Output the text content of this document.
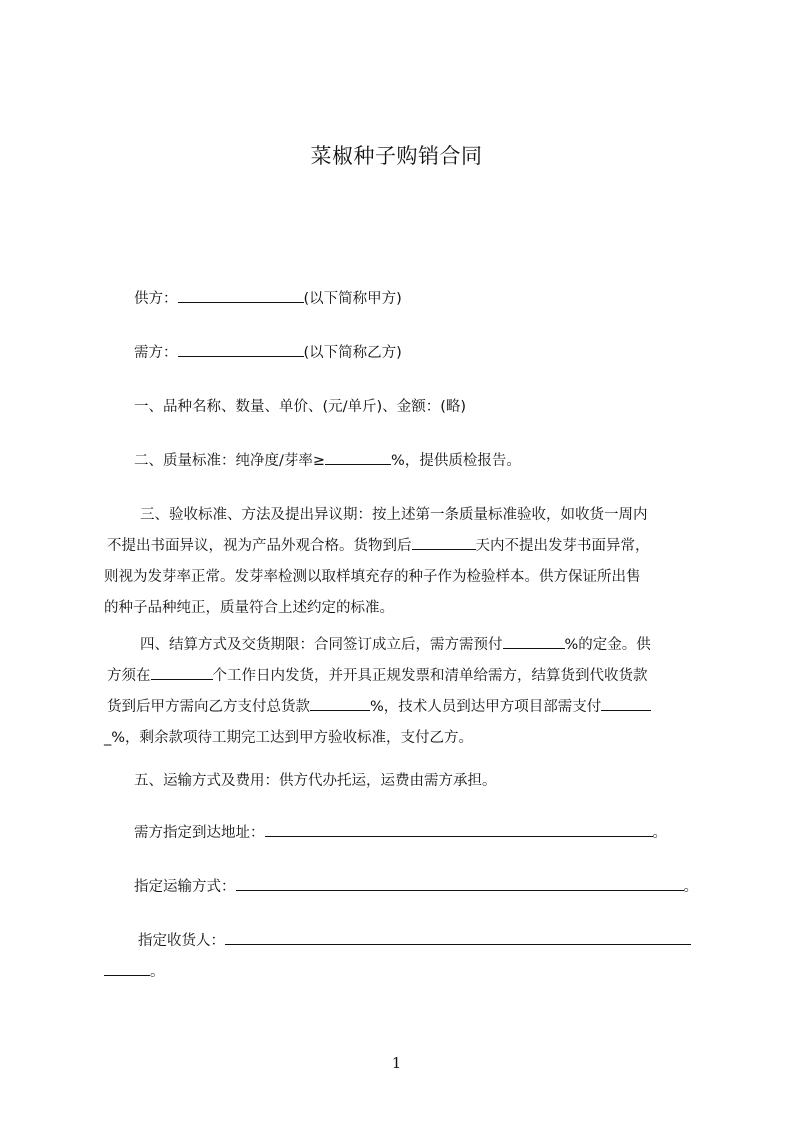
菜椒种子购销合同
供方：	(以下简称甲方)
需方：	(以下简称乙方)
一、品种名称、数量、单价、(元/单斤)、金额：(略)
二、质量标准：纯净度/芽率≥	%，提供质检报告。
三、验收标准、方法及提出异议期：按上述第一条质量标准验收，如收货一周内
不提出书面异议，视为产品外观合格。货物到后	天内不提出发芽书面异常，
则视为发芽率正常。发芽率检测以取样填充存的种子作为检验样本。供方保证所出售
的种子品种纯正，质量符合上述约定的标准。
四、结算方式及交货期限：合同签订成立后，需方需预付	%的定金。供
方须在	个工作日内发货，并开具正规发票和清单给需方，结算货到代收货款
货到后甲方需向乙方支付总货款	%，技术人员到达甲方项目部需支付
_%，剩余款项待工期完工达到甲方验收标准，支付乙方。
五、运输方式及费用：供方代办托运，运费由需方承担。
需方指定到达地址：	。
指定运输方式：	。
指定收货人：
。
1
